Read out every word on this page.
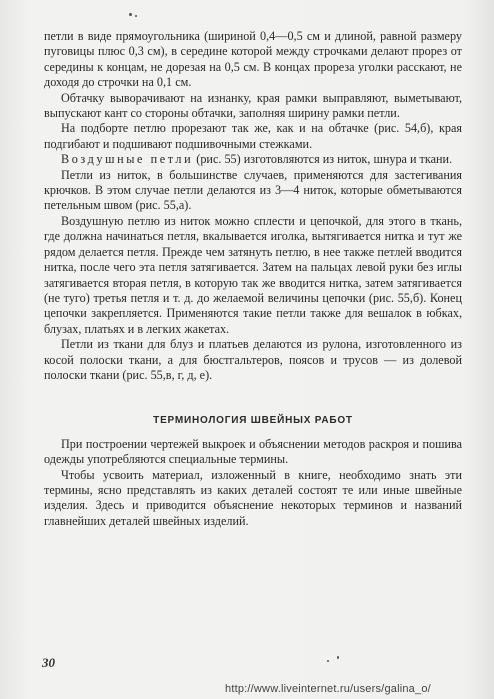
петли в виде прямоугольника (шириной 0,4—0,5 см и длиной, равной размеру пуговицы плюс 0,3 см), в середине которой между строчками делают прорез от середины к концам, не дорезая на 0,5 см. В концах прореза уголки расскают, не доходя до строчки на 0,1 см.

Обтачку выворачивают на изнанку, края рамки выправляют, выметывают, выпускают кант со стороны обтачки, заполняя ширину рамки петли.

На подборте петлю прорезают так же, как и на обтачке (рис. 54,б), края подгибают и подшивают подшивочными стежками.

Воздушные петли (рис. 55) изготовляются из ниток, шнура и ткани.

Петли из ниток, в большинстве случаев, применяются для застегивания крючков. В этом случае петли делаются из 3—4 ниток, которые обметываются петельным швом (рис. 55,а).

Воздушную петлю из ниток можно сплести и цепочкой, для этого в ткань, где должна начинаться петля, вкалывается иголка, вытягивается нитка и тут же рядом делается петля. Прежде чем затянуть петлю, в нее также петлей вводится нитка, после чего эта петля затягивается. Затем на пальцах левой руки без иглы затягивается вторая петля, в которую так же вводится нитка, затем затягивается (не туго) третья петля и т. д. до желаемой величины цепочки (рис. 55,б). Конец цепочки закрепляется. Применяются такие петли также для вешалок в юбках, блузах, платьях и в легких жакетах.

Петли из ткани для блуз и платьев делаются из рулона, изготовленного из косой полоски ткани, а для бюстгальтеров, поясов и трусов — из долевой полоски ткани (рис. 55,в, г, д, е).

ТЕРМИНОЛОГИЯ ШВЕЙНЫХ РАБОТ

При построении чертежей выкроек и объяснении методов раскроя и пошива одежды употребляются специальные термины.

Чтобы усвоить материал, изложенный в книге, необходимо знать эти термины, ясно представлять из каких деталей состоят те или иные швейные изделия. Здесь и приводится объяснение некоторых терминов и названий главнейших деталей швейных изделий.

30
http://www.liveinternet.ru/users/galina_o/
